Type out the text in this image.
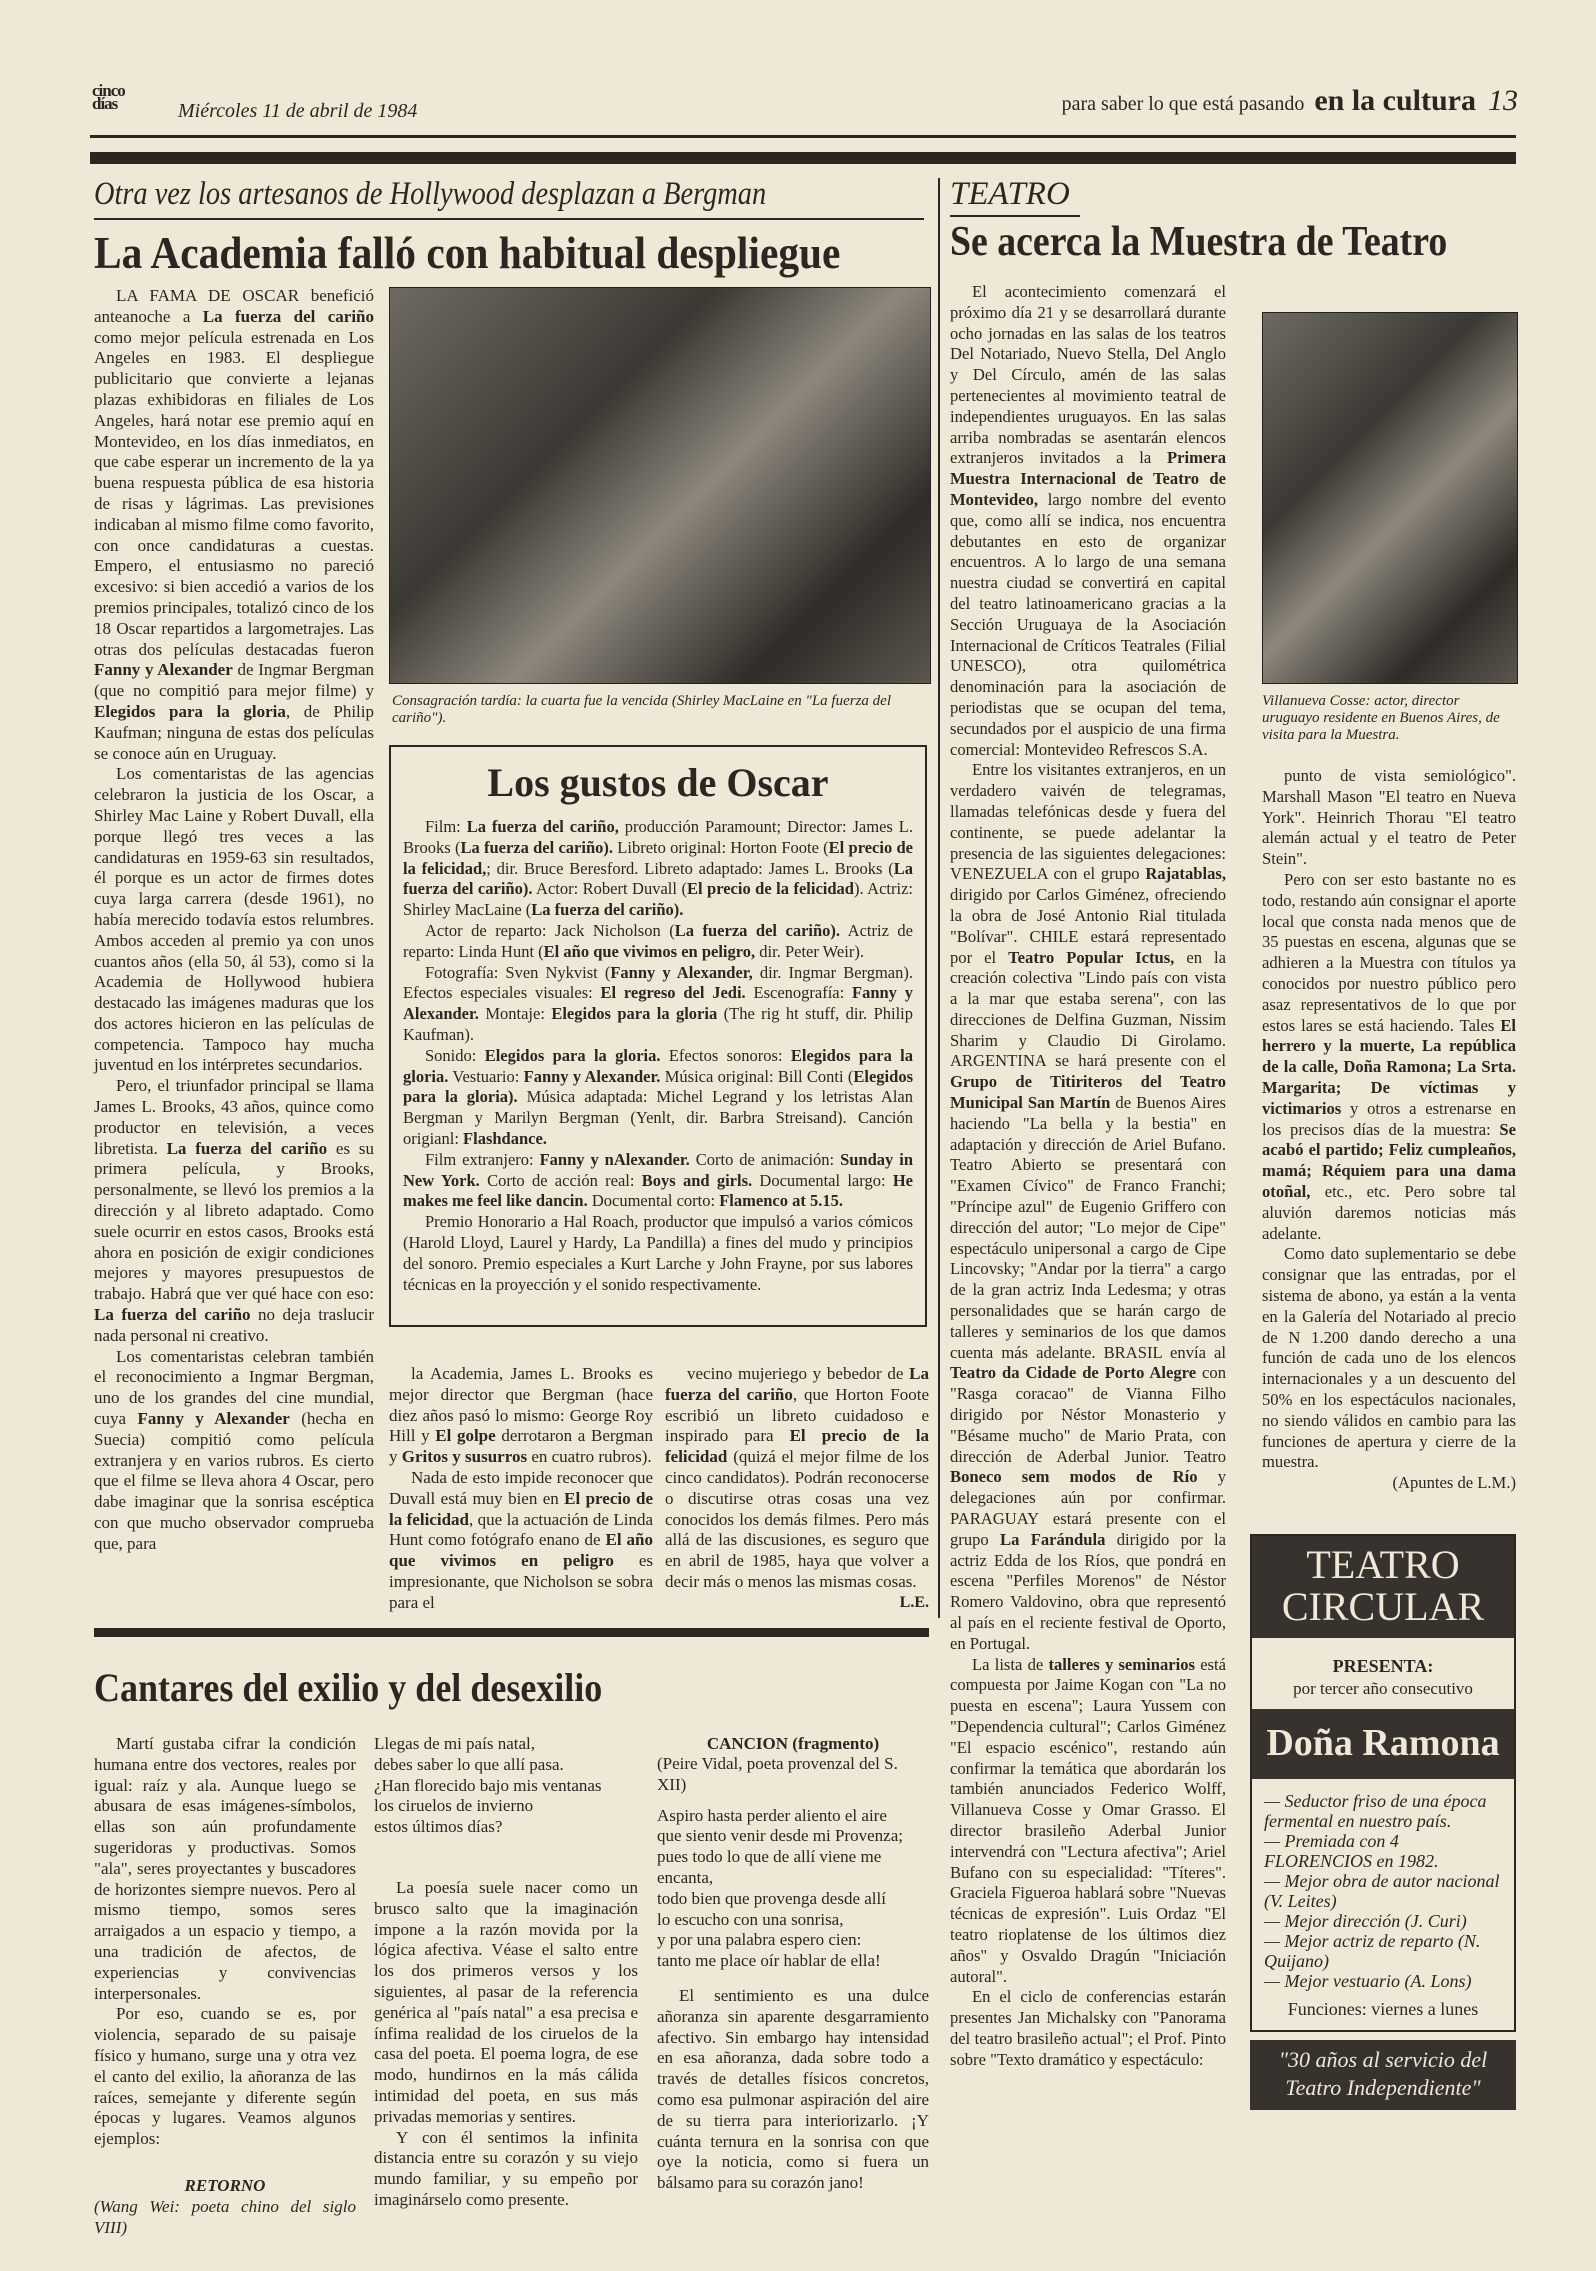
cinco días	Miércoles 11 de abril de 1984	para saber lo que está pasando en la cultura 13
Otra vez los artesanos de Hollywood desplazan a Bergman
La Academia falló con habitual despliegue

LA FAMA DE OSCAR benefició anteanoche a La fuerza del cariño como mejor película estrenada en Los Angeles en 1983. El despliegue publicitario que convierte a lejanas plazas exhibidoras en filiales de Los Angeles, hará notar ese premio aquí en Montevideo, en los días inmediatos, en que cabe esperar un incremento de la ya buena respuesta pública de esa historia de risas y lágrimas. Las previsiones indicaban al mismo filme como favorito, con once candidaturas a cuestas. Empero, el entusiasmo no pareció excesivo: si bien accedió a varios de los premios principales, totalizó cinco de los 18 Oscar repartidos a largometrajes. Las otras dos películas destacadas fueron Fanny y Alexander de Ingmar Bergman (que no compitió para mejor filme) y Elegidos para la gloria, de Philip Kaufman; ninguna de estas dos películas se conoce aún en Uruguay.

Los comentaristas de las agencias celebraron la justicia de los Oscar, a Shirley Mac Laine y Robert Duvall, ella porque llegó tres veces a las candidaturas en 1959-63 sin resultados, él porque es un actor de firmes dotes cuya larga carrera (desde 1961), no había merecido todavía estos relumbres. Ambos acceden al premio ya con unos cuantos años (ella 50, ál 53), como si la Academia de Hollywood hubiera destacado las imágenes maduras que los dos actores hicieron en las películas de competencia. Tampoco hay mucha juventud en los intérpretes secundarios.

Pero, el triunfador principal se llama James L. Brooks, 43 años, quince como productor en televisión, a veces libretista. La fuerza del cariño es su primera película, y Brooks, personalmente, se llevó los premios a la dirección y al libreto adaptado. Como suele ocurrir en estos casos, Brooks está ahora en posición de exigir condiciones mejores y mayores presupuestos de trabajo. Habrá que ver qué hace con eso: La fuerza del cariño no deja traslucir nada personal ni creativo.

Los comentaristas celebran también el reconocimiento a Ingmar Bergman, uno de los grandes del cine mundial, cuya Fanny y Alexander (hecha en Suecia) compitió como película extranjera y en varios rubros. Es cierto que el filme se lleva ahora 4 Oscar, pero dabe imaginar que la sonrisa escéptica con que mucho observador comprueba que, para

Consagración tardía: la cuarta fue la vencida (Shirley MacLaine en "La fuerza del cariño").
Los gustos de Oscar

Film: La fuerza del cariño, producción Paramount; Director: James L. Brooks (La fuerza del cariño). Libreto original: Horton Foote (El precio de la felicidad,; dir. Bruce Beresford. Libreto adaptado: James L. Brooks (La fuerza del cariño). Actor: Robert Duvall (El precio de la felicidad). Actriz: Shirley MacLaine (La fuerza del cariño).

Actor de reparto: Jack Nicholson (La fuerza del cariño). Actriz de reparto: Linda Hunt (El año que vivimos en peligro, dir. Peter Weir).

Fotografía: Sven Nykvist (Fanny y Alexander, dir. Ingmar Bergman). Efectos especiales visuales: El regreso del Jedi. Escenografía: Fanny y Alexander. Montaje: Elegidos para la gloria (The rig ht stuff, dir. Philip Kaufman).

Sonido: Elegidos para la gloria. Efectos sonoros: Elegidos para la gloria. Vestuario: Fanny y Alexander. Música original: Bill Conti (Elegidos para la gloria). Música adaptada: Michel Legrand y los letristas Alan Bergman y Marilyn Bergman (Yenlt, dir. Barbra Streisand). Canción origianl: Flashdance.

Film extranjero: Fanny y nAlexander. Corto de animación: Sunday in New York. Corto de acción real: Boys and girls. Documental largo: He makes me feel like dancin. Documental corto: Flamenco at 5.15.

Premio Honorario a Hal Roach, productor que impulsó a varios cómicos (Harold Lloyd, Laurel y Hardy, La Pandilla) a fines del mudo y principios del sonoro. Premio especiales a Kurt Larche y John Frayne, por sus labores técnicas en la proyección y el sonido respectivamente.

la Academia, James L. Brooks es mejor director que Bergman (hace diez años pasó lo mismo: George Roy Hill y El golpe derrotaron a Bergman y Gritos y susurros en cuatro rubros).

Nada de esto impide reconocer que Duvall está muy bien en El precio de la felicidad, que la actuación de Linda Hunt como fotógrafo enano de El año que vivimos en peligro es impresionante, que Nicholson se sobra para el

vecino mujeriego y bebedor de La fuerza del cariño, que Horton Foote escribió un libreto cuidadoso e inspirado para El precio de la felicidad (quizá el mejor filme de los cinco candidatos). Podrán reconocerse o discutirse otras cosas una vez conocidos los demás filmes. Pero más allá de las discusiones, es seguro que en abril de 1985, haya que volver a decir más o menos las mismas cosas.

L.E.
TEATRO
Se acerca la Muestra de Teatro

El acontecimiento comenzará el próximo día 21 y se desarrollará durante ocho jornadas en las salas de los teatros Del Notariado, Nuevo Stella, Del Anglo y Del Círculo, amén de las salas pertenecientes al movimiento teatral de independientes uruguayos. En las salas arriba nombradas se asentarán elencos extranjeros invitados a la Primera Muestra Internacional de Teatro de Montevideo, largo nombre del evento que, como allí se indica, nos encuentra debutantes en esto de organizar encuentros. A lo largo de una semana nuestra ciudad se convertirá en capital del teatro latinoamericano gracias a la Sección Uruguaya de la Asociación Internacional de Críticos Teatrales (Filial UNESCO), otra quilométrica denominación para la asociación de periodistas que se ocupan del tema, secundados por el auspicio de una firma comercial: Montevideo Refrescos S.A.

Entre los visitantes extranjeros, en un verdadero vaivén de telegramas, llamadas telefónicas desde y fuera del continente, se puede adelantar la presencia de las siguientes delegaciones: VENEZUELA con el grupo Rajatablas, dirigido por Carlos Giménez, ofreciendo la obra de José Antonio Rial titulada "Bolívar". CHILE estará representado por el Teatro Popular Ictus, en la creación colectiva "Lindo país con vista a la mar que estaba serena", con las direcciones de Delfina Guzman, Nissim Sharim y Claudio Di Girolamo. ARGENTINA se hará presente con el Grupo de Titiriteros del Teatro Municipal San Martín de Buenos Aires haciendo "La bella y la bestia" en adaptación y dirección de Ariel Bufano. Teatro Abierto se presentará con "Examen Cívico" de Franco Franchi; "Príncipe azul" de Eugenio Griffero con dirección del autor; "Lo mejor de Cipe" espectáculo unipersonal a cargo de Cipe Lincovsky; "Andar por la tierra" a cargo de la gran actriz Inda Ledesma; y otras personalidades que se harán cargo de talleres y seminarios de los que damos cuenta más adelante. BRASIL envía al Teatro da Cidade de Porto Alegre con "Rasga coracao" de Vianna Filho dirigido por Néstor Monasterio y "Bésame mucho" de Mario Prata, con dirección de Aderbal Junior. Teatro Boneco sem modos de Río y delegaciones aún por confirmar. PARAGUAY estará presente con el grupo La Farándula dirigido por la actriz Edda de los Ríos, que pondrá en escena "Perfiles Morenos" de Néstor Romero Valdovino, obra que representó al país en el reciente festival de Oporto, en Portugal.

La lista de talleres y seminarios está compuesta por Jaime Kogan con "La no puesta en escena"; Laura Yussem con "Dependencia cultural"; Carlos Giménez "El espacio escénico", restando aún confirmar la temática que abordarán los también anunciados Federico Wolff, Villanueva Cosse y Omar Grasso. El director brasileño Aderbal Junior intervendrá con "Lectura afectiva"; Ariel Bufano con su especialidad: "Títeres". Graciela Figueroa hablará sobre "Nuevas técnicas de expresión". Luis Ordaz "El teatro rioplatense de los últimos diez años" y Osvaldo Dragún "Iniciación autoral".

En el ciclo de conferencias estarán presentes Jan Michalsky con "Panorama del teatro brasileño actual"; el Prof. Pinto sobre "Texto dramático y espectáculo:

Villanueva Cosse: actor, director uruguayo residente en Buenos Aires, de visita para la Muestra.

punto de vista semiológico". Marshall Mason "El teatro en Nueva York". Heinrich Thorau "El teatro alemán actual y el teatro de Peter Stein".

Pero con ser esto bastante no es todo, restando aún consignar el aporte local que consta nada menos que de 35 puestas en escena, algunas que se adhieren a la Muestra con títulos ya conocidos por nuestro público pero asaz representativos de lo que por estos lares se está haciendo. Tales El herrero y la muerte, La república de la calle, Doña Ramona; La Srta. Margarita; De víctimas y victimarios y otros a estrenarse en los precisos días de la muestra: Se acabó el partido; Feliz cumpleaños, mamá; Réquiem para una dama otoñal, etc., etc. Pero sobre tal aluvión daremos noticias más adelante.

Como dato suplementario se debe consignar que las entradas, por el sistema de abono, ya están a la venta en la Galería del Notariado al precio de N 1.200 dando derecho a una función de cada uno de los elencos internacionales y a un descuento del 50% en los espectáculos nacionales, no siendo válidos en cambio para las funciones de apertura y cierre de la muestra.

(Apuntes de L.M.)
TEATRO
CIRCULAR
PRESENTA:
por tercer año consecutivo
Doña Ramona
— Seductor friso de una época fermental en nuestro país.
— Premiada con 4 FLORENCIOS en 1982.
— Mejor obra de autor nacional (V. Leites)
— Mejor dirección (J. Curi)
— Mejor actriz de reparto (N. Quijano)
— Mejor vestuario (A. Lons)
Funciones: viernes a lunes
"30 años al servicio del Teatro Independiente"
Cantares del exilio y del desexilio

Martí gustaba cifrar la condición humana entre dos vectores, reales por igual: raíz y ala. Aunque luego se abusara de esas imágenes-símbolos, ellas son aún profundamente sugeridoras y productivas. Somos "ala", seres proyectantes y buscadores de horizontes siempre nuevos. Pero al mismo tiempo, somos seres arraigados a un espacio y tiempo, a una tradición de afectos, de experiencias y convivencias interpersonales.

Por eso, cuando se es, por violencia, separado de su paisaje físico y humano, surge una y otra vez el canto del exilio, la añoranza de las raíces, semejante y diferente según épocas y lugares. Veamos algunos ejemplos:

RETORNO
(Wang Wei: poeta chino del siglo VIII)
Llegas de mi país natal,
debes saber lo que allí pasa.
¿Han florecido bajo mis ventanas
los ciruelos de invierno
estos últimos días?

La poesía suele nacer como un brusco salto que la imaginación impone a la razón movida por la lógica afectiva. Véase el salto entre los dos primeros versos y los siguientes, al pasar de la referencia genérica al "país natal" a esa precisa e ínfima realidad de los ciruelos de la casa del poeta. El poema logra, de ese modo, hundirnos en la más cálida intimidad del poeta, en sus más privadas memorias y sentires.

Y con él sentimos la infinita distancia entre su corazón y su viejo mundo familiar, y su empeño por imaginárselo como presente.

CANCION (fragmento)
(Peire Vidal, poeta provenzal del S. XII)
Aspiro hasta perder aliento el aire
que siento venir desde mi Provenza;
pues todo lo que de allí viene me encanta,
todo bien que provenga desde allí
lo escucho con una sonrisa,
y por una palabra espero cien:
tanto me place oír hablar de ella!

El sentimiento es una dulce añoranza sin aparente desgarramiento afectivo. Sin embargo hay intensidad en esa añoranza, dada sobre todo a través de detalles físicos concretos, como esa pulmonar aspiración del aire de su tierra para interiorizarlo. ¡Y cuánta ternura en la sonrisa con que oye la noticia, como si fuera un bálsamo para su corazón jano!
